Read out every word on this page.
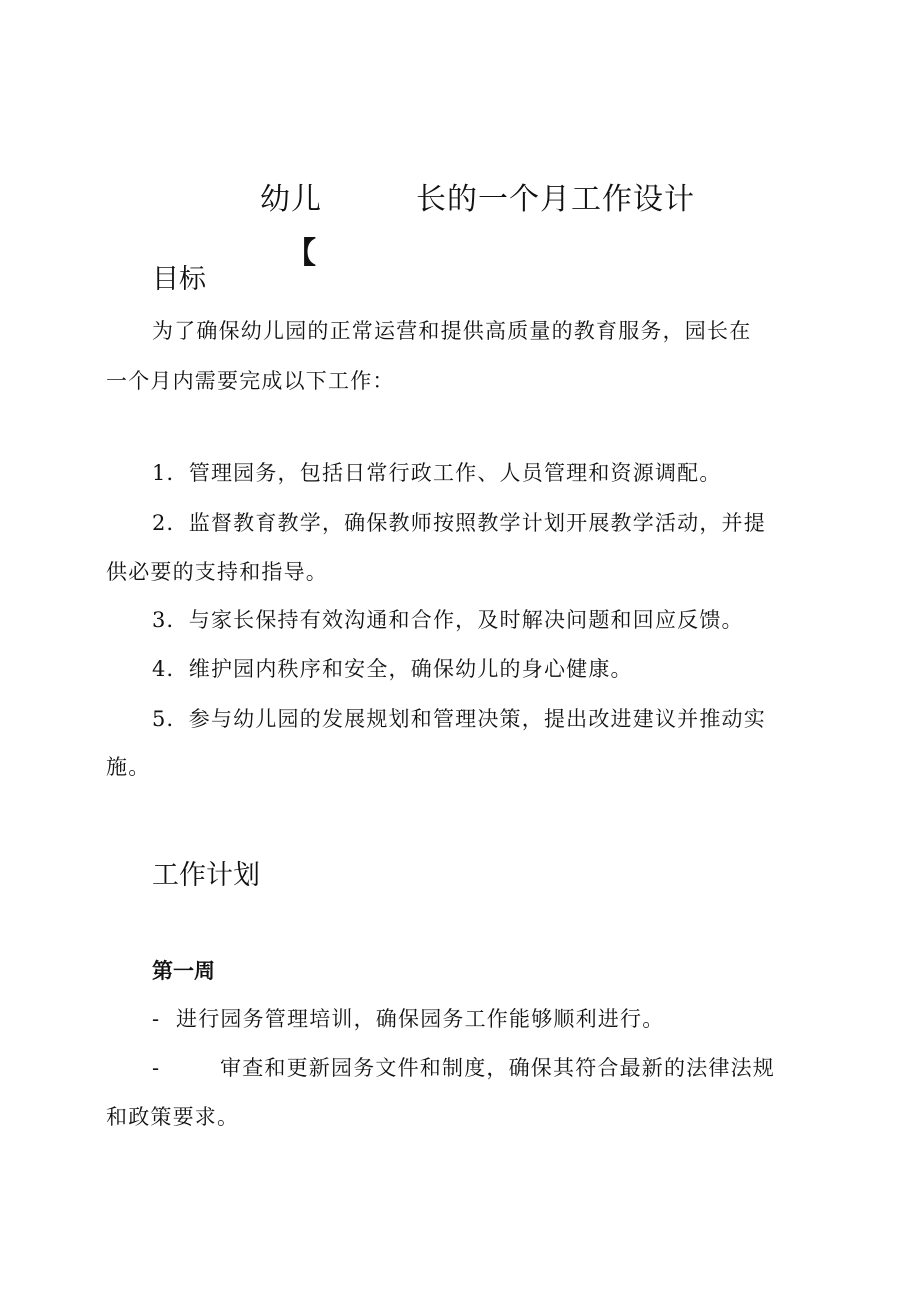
幼儿	长的一个月工作设计
【
目标
为了确保幼儿园的正常运营和提供高质量的教育服务，园长在
一个月内需要完成以下工作：
1．管理园务，包括日常行政工作、人员管理和资源调配。
2．监督教育教学，确保教师按照教学计划开展教学活动，并提
供必要的支持和指导。
3．与家长保持有效沟通和合作，及时解决问题和回应反馈。
4．维护园内秩序和安全，确保幼儿的身心健康。
5．参与幼儿园的发展规划和管理决策，提出改进建议并推动实
施。
工作计划
第一周
- 进行园务管理培训，确保园务工作能够顺利进行。
-	审查和更新园务文件和制度，确保其符合最新的法律法规
和政策要求。
